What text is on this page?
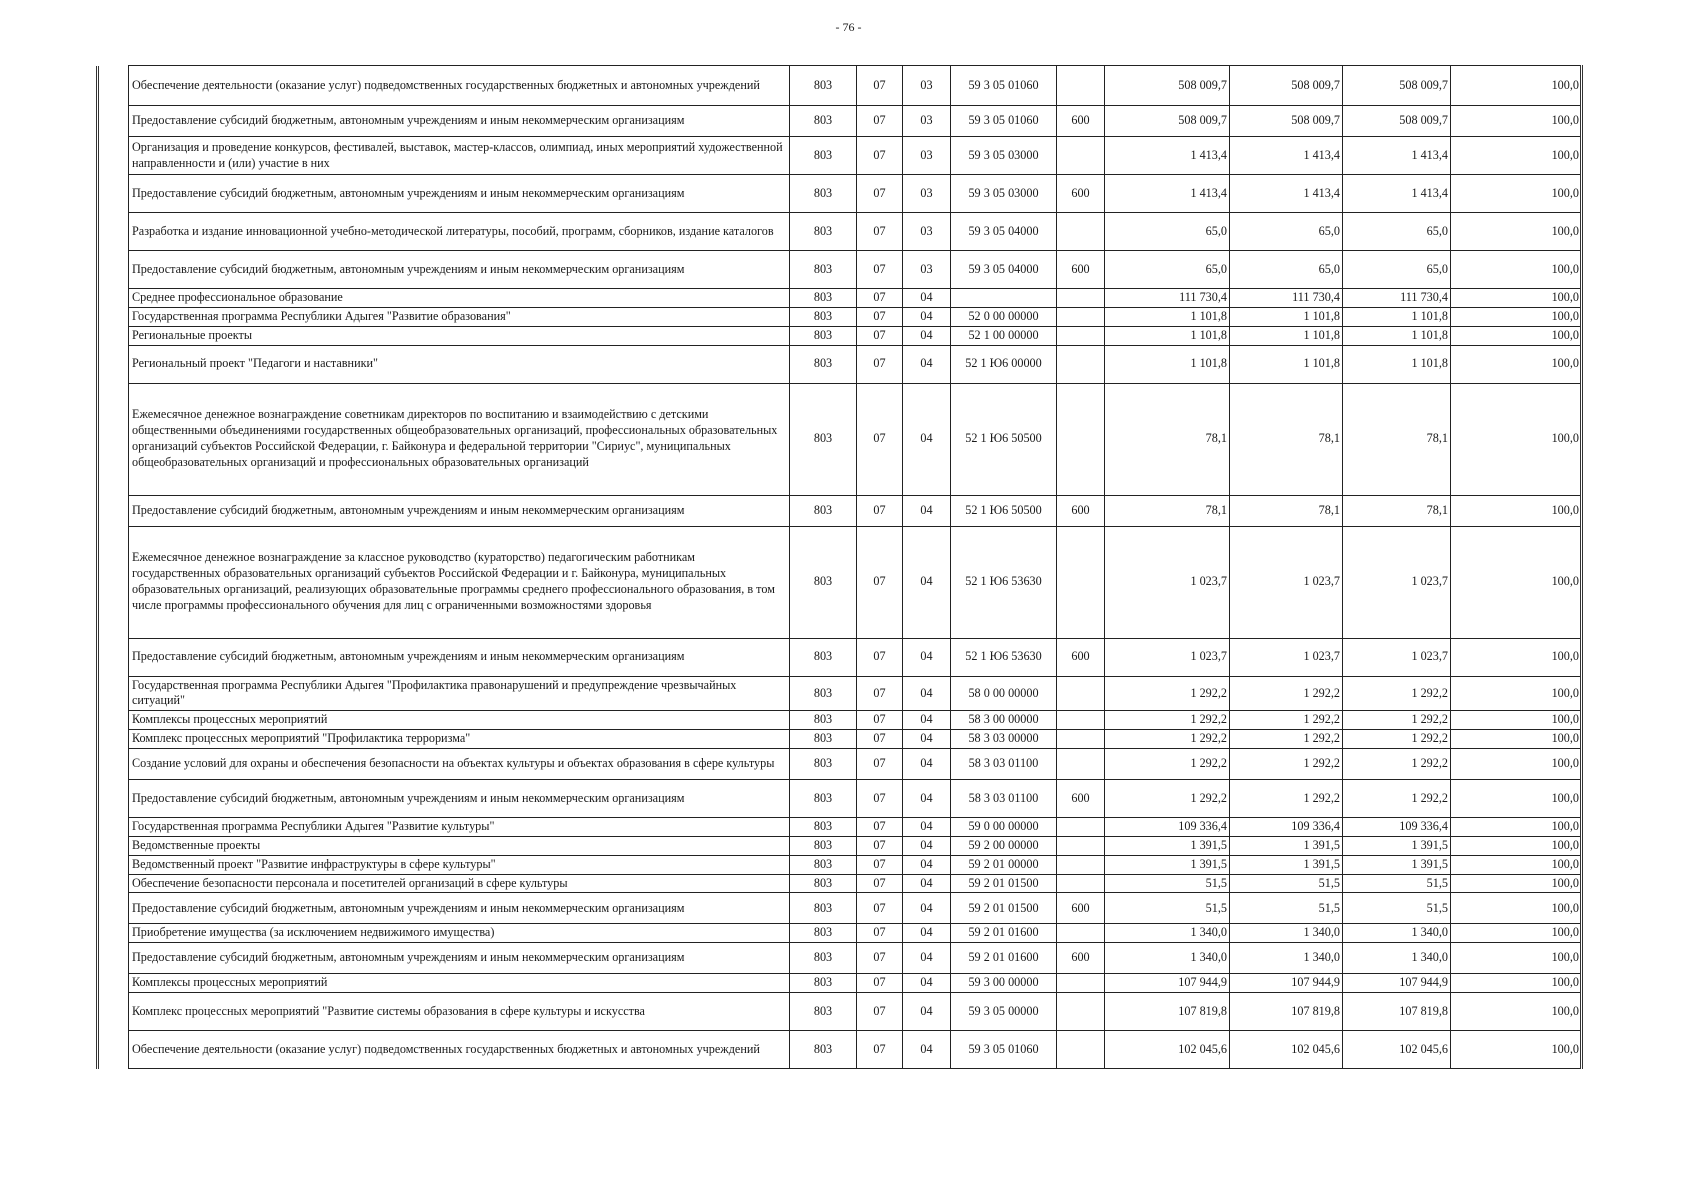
- 76 -
	Обеспечение деятельности (оказание услуг) подведомственных государственных бюджетных и автономных учреждений	803	07	03	59 3 05 01060		508 009,7	508 009,7	508 009,7	100,0
	Предоставление субсидий бюджетным, автономным учреждениям и иным некоммерческим организациям	803	07	03	59 3 05 01060	600	508 009,7	508 009,7	508 009,7	100,0
	Организация и проведение конкурсов, фестивалей, выставок, мастер-классов, олимпиад, иных мероприятий художественной направленности и (или) участие в них	803	07	03	59 3 05 03000		1 413,4	1 413,4	1 413,4	100,0
	Предоставление субсидий бюджетным, автономным учреждениям и иным некоммерческим организациям	803	07	03	59 3 05 03000	600	1 413,4	1 413,4	1 413,4	100,0
	Разработка и издание инновационной учебно-методической литературы, пособий, программ, сборников, издание каталогов	803	07	03	59 3 05 04000		65,0	65,0	65,0	100,0
	Предоставление субсидий бюджетным, автономным учреждениям и иным некоммерческим организациям	803	07	03	59 3 05 04000	600	65,0	65,0	65,0	100,0
	Среднее профессиональное образование	803	07	04			111 730,4	111 730,4	111 730,4	100,0
	Государственная программа Республики Адыгея "Развитие образования"	803	07	04	52 0 00 00000		1 101,8	1 101,8	1 101,8	100,0
	Региональные проекты	803	07	04	52 1 00 00000		1 101,8	1 101,8	1 101,8	100,0
	Региональный проект "Педагоги и наставники"	803	07	04	52 1 Ю6 00000		1 101,8	1 101,8	1 101,8	100,0
	Ежемесячное денежное вознаграждение советникам директоров по воспитанию и взаимодействию с детскими общественными объединениями государственных общеобразовательных организаций, профессиональных образовательных организаций субъектов Российской Федерации, г. Байконура и федеральной территории "Сириус", муниципальных общеобразовательных организаций и профессиональных образовательных организаций	803	07	04	52 1 Ю6 50500		78,1	78,1	78,1	100,0
	Предоставление субсидий бюджетным, автономным учреждениям и иным некоммерческим организациям	803	07	04	52 1 Ю6 50500	600	78,1	78,1	78,1	100,0
	Ежемесячное денежное вознаграждение за классное руководство (кураторство) педагогическим работникам государственных образовательных организаций субъектов Российской Федерации и г. Байконура, муниципальных образовательных организаций, реализующих образовательные программы среднего профессионального образования, в том числе программы профессионального обучения для лиц с ограниченными возможностями здоровья	803	07	04	52 1 Ю6 53630		1 023,7	1 023,7	1 023,7	100,0
	Предоставление субсидий бюджетным, автономным учреждениям и иным некоммерческим организациям	803	07	04	52 1 Ю6 53630	600	1 023,7	1 023,7	1 023,7	100,0
	Государственная программа Республики Адыгея "Профилактика правонарушений и предупреждение чрезвычайных ситуаций"	803	07	04	58 0 00 00000		1 292,2	1 292,2	1 292,2	100,0
	Комплексы процессных мероприятий	803	07	04	58 3 00 00000		1 292,2	1 292,2	1 292,2	100,0
	Комплекс процессных мероприятий "Профилактика терроризма"	803	07	04	58 3 03 00000		1 292,2	1 292,2	1 292,2	100,0
	Создание условий для охраны и обеспечения безопасности на объектах культуры и объектах образования в сфере культуры	803	07	04	58 3 03 01100		1 292,2	1 292,2	1 292,2	100,0
	Предоставление субсидий бюджетным, автономным учреждениям и иным некоммерческим организациям	803	07	04	58 3 03 01100	600	1 292,2	1 292,2	1 292,2	100,0
	Государственная программа Республики Адыгея "Развитие культуры"	803	07	04	59 0 00 00000		109 336,4	109 336,4	109 336,4	100,0
	Ведомственные проекты	803	07	04	59 2 00 00000		1 391,5	1 391,5	1 391,5	100,0
	Ведомственный проект "Развитие инфраструктуры в сфере культуры"	803	07	04	59 2 01 00000		1 391,5	1 391,5	1 391,5	100,0
	Обеспечение безопасности персонала и посетителей организаций в сфере культуры	803	07	04	59 2 01 01500		51,5	51,5	51,5	100,0
	Предоставление субсидий бюджетным, автономным учреждениям и иным некоммерческим организациям	803	07	04	59 2 01 01500	600	51,5	51,5	51,5	100,0
	Приобретение имущества (за исключением недвижимого имущества)	803	07	04	59 2 01 01600		1 340,0	1 340,0	1 340,0	100,0
	Предоставление субсидий бюджетным, автономным учреждениям и иным некоммерческим организациям	803	07	04	59 2 01 01600	600	1 340,0	1 340,0	1 340,0	100,0
	Комплексы процессных мероприятий	803	07	04	59 3 00 00000		107 944,9	107 944,9	107 944,9	100,0
	Комплекс процессных мероприятий "Развитие системы образования в сфере культуры и искусства	803	07	04	59 3 05 00000		107 819,8	107 819,8	107 819,8	100,0
	Обеспечение деятельности (оказание услуг) подведомственных государственных бюджетных и автономных учреждений	803	07	04	59 3 05 01060		102 045,6	102 045,6	102 045,6	100,0
